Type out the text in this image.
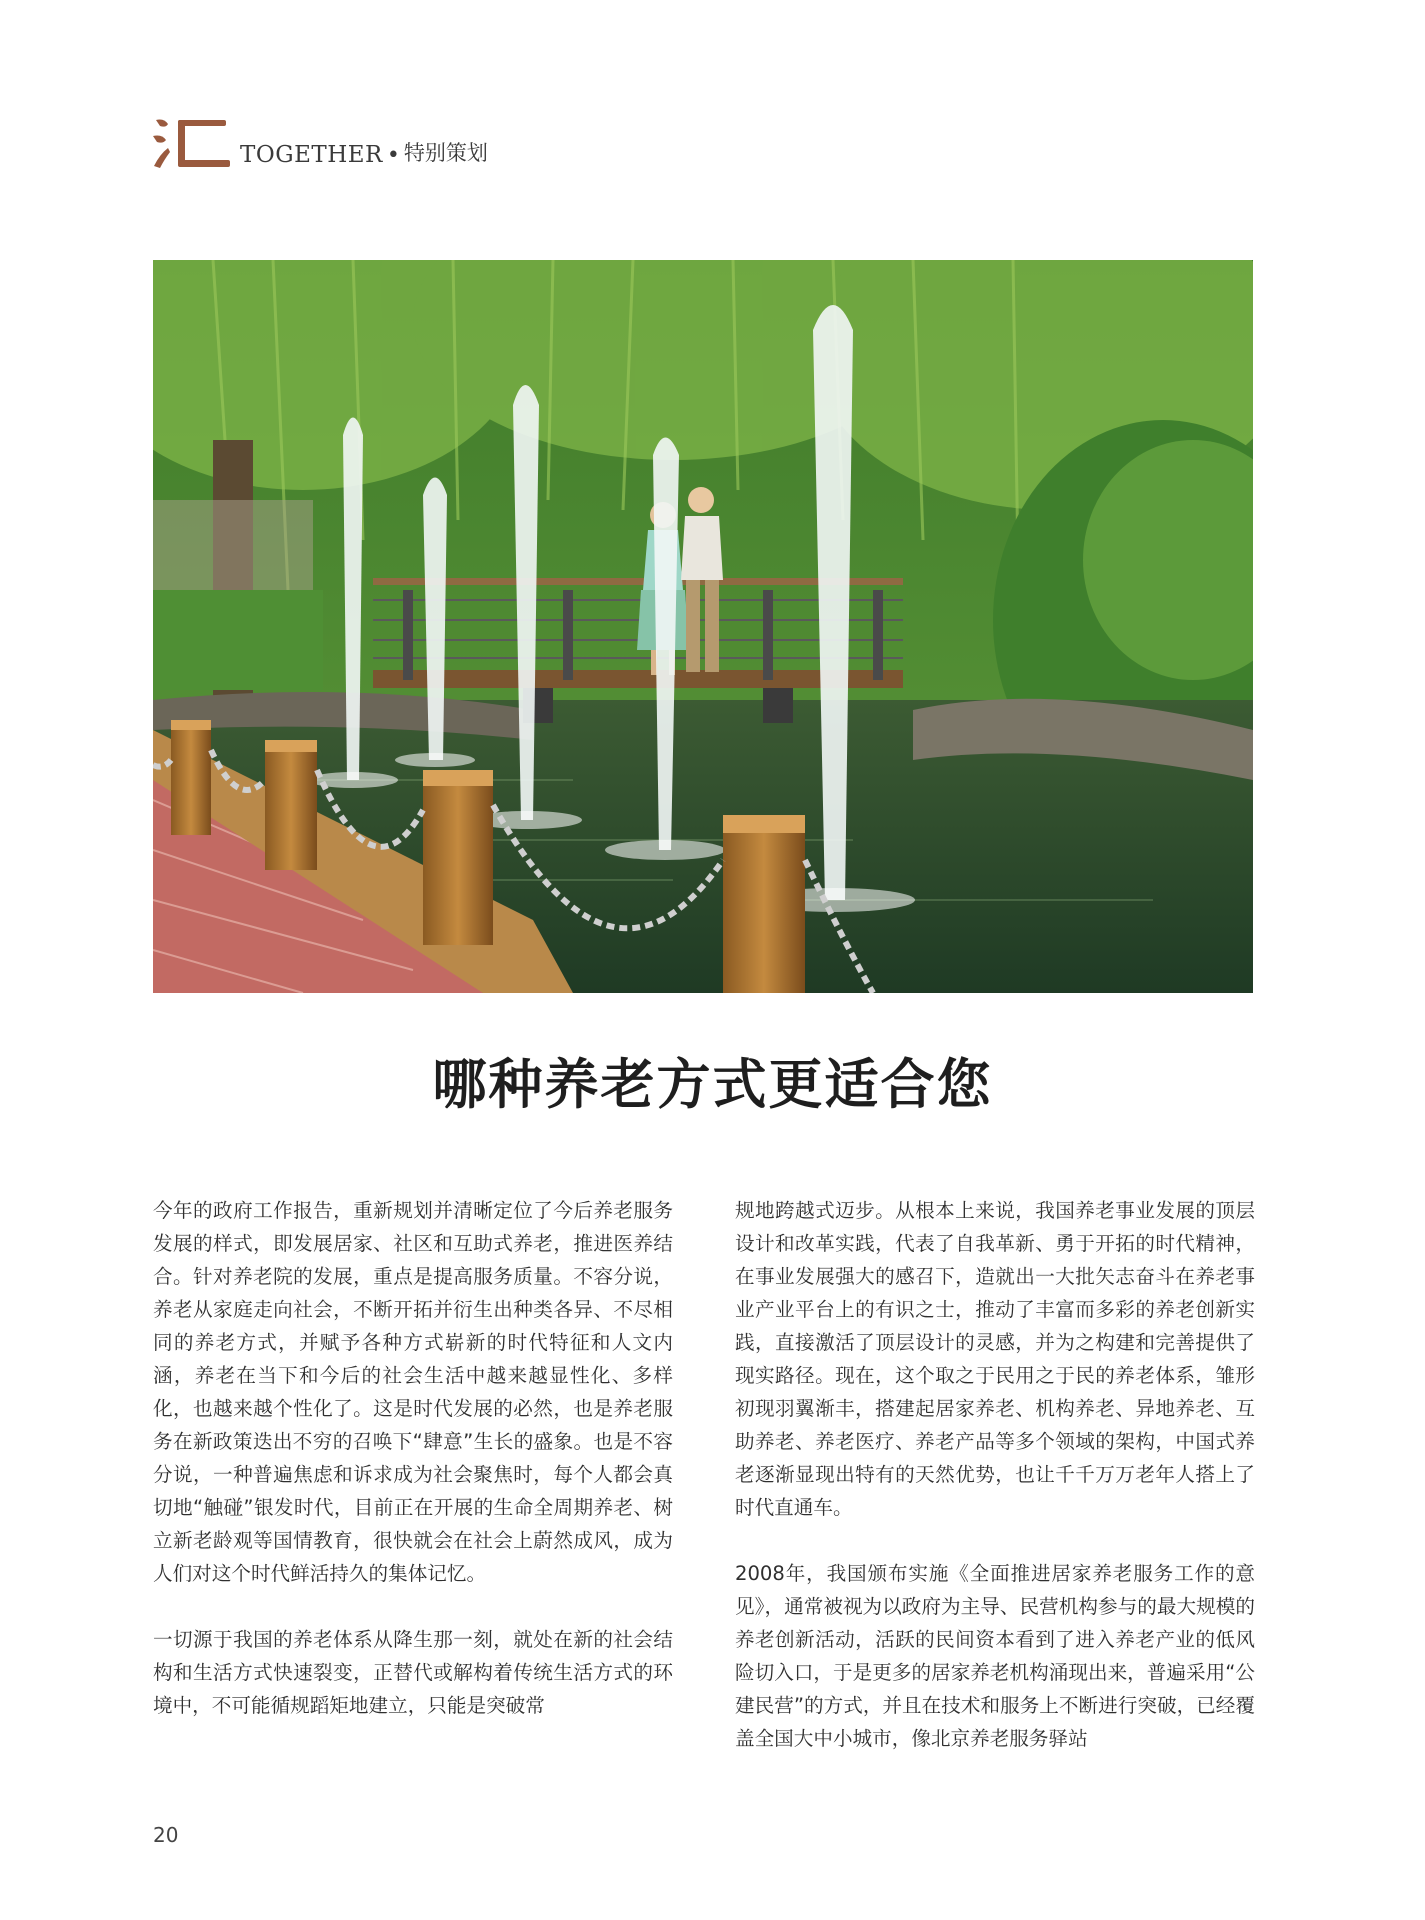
TOGETHER • 特别策划
哪种养老方式更适合您

今年的政府工作报告，重新规划并清晰定位了今后养老服务发展的样式，即发展居家、社区和互助式养老，推进医养结合。针对养老院的发展，重点是提高服务质量。不容分说，养老从家庭走向社会，不断开拓并衍生出种类各异、不尽相同的养老方式，并赋予各种方式崭新的时代特征和人文内涵，养老在当下和今后的社会生活中越来越显性化、多样化，也越来越个性化了。这是时代发展的必然，也是养老服务在新政策迭出不穷的召唤下“肆意”生长的盛象。也是不容分说，一种普遍焦虑和诉求成为社会聚焦时，每个人都会真切地“触碰”银发时代，目前正在开展的生命全周期养老、树立新老龄观等国情教育，很快就会在社会上蔚然成风，成为人们对这个时代鲜活持久的集体记忆。

一切源于我国的养老体系从降生那一刻，就处在新的社会结构和生活方式快速裂变，正替代或解构着传统生活方式的环境中，不可能循规蹈矩地建立，只能是突破常

规地跨越式迈步。从根本上来说，我国养老事业发展的顶层设计和改革实践，代表了自我革新、勇于开拓的时代精神，在事业发展强大的感召下，造就出一大批矢志奋斗在养老事业产业平台上的有识之士，推动了丰富而多彩的养老创新实践，直接激活了顶层设计的灵感，并为之构建和完善提供了现实路径。现在，这个取之于民用之于民的养老体系，雏形初现羽翼渐丰，搭建起居家养老、机构养老、异地养老、互助养老、养老医疗、养老产品等多个领域的架构，中国式养老逐渐显现出特有的天然优势，也让千千万万老年人搭上了时代直通车。

2008年，我国颁布实施《全面推进居家养老服务工作的意见》，通常被视为以政府为主导、民营机构参与的最大规模的养老创新活动，活跃的民间资本看到了进入养老产业的低风险切入口，于是更多的居家养老机构涌现出来，普遍采用“公建民营”的方式，并且在技术和服务上不断进行突破，已经覆盖全国大中小城市，像北京养老服务驿站

20
